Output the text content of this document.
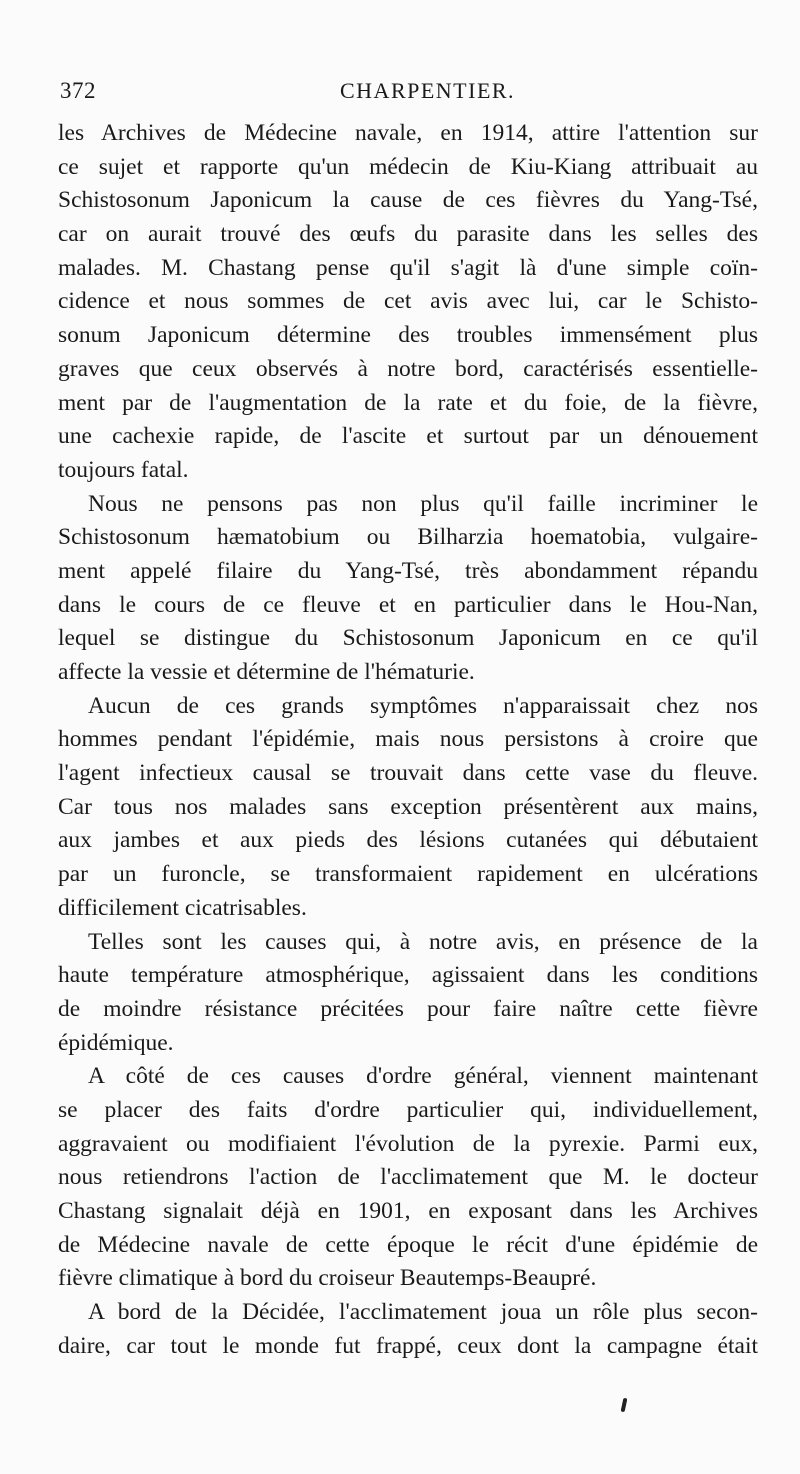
372	CHARPENTIER.
les Archives de Médecine navale, en 1914, attire l'attention sur
ce sujet et rapporte qu'un médecin de Kiu-Kiang attribuait au
Schistosonum Japonicum la cause de ces fièvres du Yang-Tsé,
car on aurait trouvé des œufs du parasite dans les selles des
malades. M. Chastang pense qu'il s'agit là d'une simple coïn-
cidence et nous sommes de cet avis avec lui, car le Schisto-
sonum Japonicum détermine des troubles immensément plus
graves que ceux observés à notre bord, caractérisés essentielle-
ment par de l'augmentation de la rate et du foie, de la fièvre,
une cachexie rapide, de l'ascite et surtout par un dénouement
toujours fatal.
Nous ne pensons pas non plus qu'il faille incriminer le
Schistosonum hæmatobium ou Bilharzia hoematobia, vulgaire-
ment appelé filaire du Yang-Tsé, très abondamment répandu
dans le cours de ce fleuve et en particulier dans le Hou-Nan,
lequel se distingue du Schistosonum Japonicum en ce qu'il
affecte la vessie et détermine de l'hématurie.
Aucun de ces grands symptômes n'apparaissait chez nos
hommes pendant l'épidémie, mais nous persistons à croire que
l'agent infectieux causal se trouvait dans cette vase du fleuve.
Car tous nos malades sans exception présentèrent aux mains,
aux jambes et aux pieds des lésions cutanées qui débutaient
par un furoncle, se transformaient rapidement en ulcérations
difficilement cicatrisables.
Telles sont les causes qui, à notre avis, en présence de la
haute température atmosphérique, agissaient dans les conditions
de moindre résistance précitées pour faire naître cette fièvre
épidémique.
A côté de ces causes d'ordre général, viennent maintenant
se placer des faits d'ordre particulier qui, individuellement,
aggravaient ou modifiaient l'évolution de la pyrexie. Parmi eux,
nous retiendrons l'action de l'acclimatement que M. le docteur
Chastang signalait déjà en 1901, en exposant dans les Archives
de Médecine navale de cette époque le récit d'une épidémie de
fièvre climatique à bord du croiseur Beautemps-Beaupré.
A bord de la Décidée, l'acclimatement joua un rôle plus secon-
daire, car tout le monde fut frappé, ceux dont la campagne était
